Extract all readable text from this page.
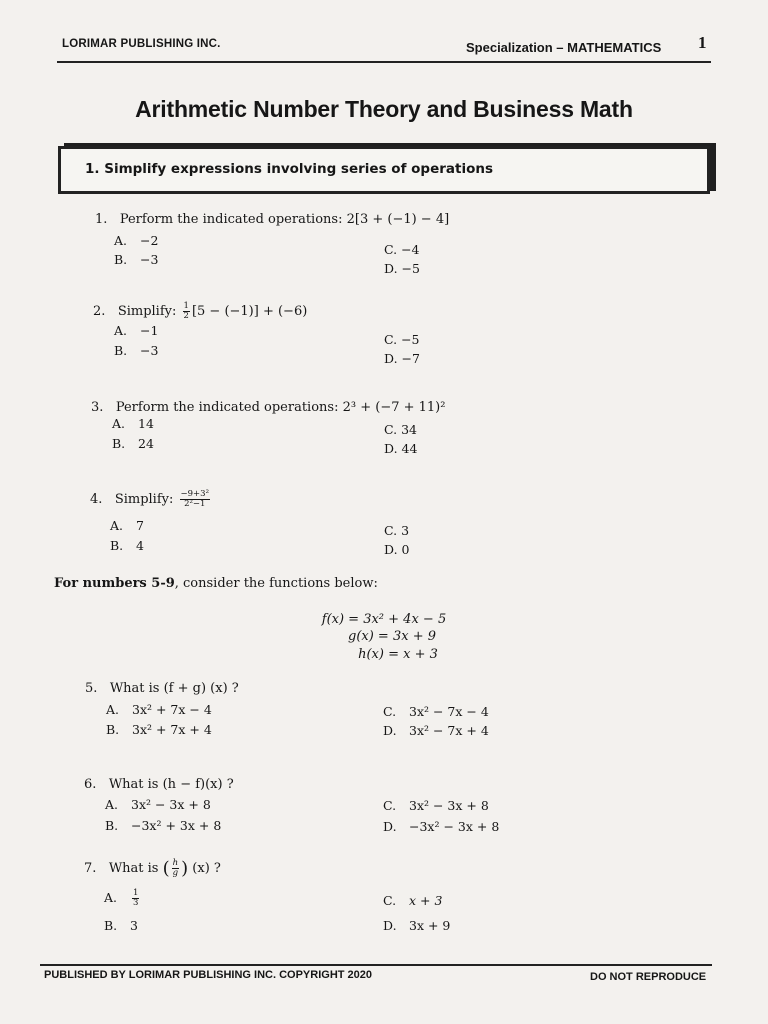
LORIMAR PUBLISHING INC.	Specialization – MATHEMATICS 1
Arithmetic Number Theory and Business Math
1. Simplify expressions involving series of operations
1. Perform the indicated operations: 2[3 + (−1) − 4]
A. −2
B. −3
C. −4
D. −5
2. Simplify: $\frac{1}{2} [5 - (-1)] + (-6)$
A. −1
B. −3
C. −5
D. −7
3. Perform the indicated operations: 2³ + (−7 + 11)²
A. 14
B. 24
C. 34
D. 44
4. Simplify: $\frac{\text{−9+3²}}{\text{2²−1}}$
A. 7
B. 4
C. 3
D. 0
For numbers 5-9, consider the functions below:
f(x) = 3x² + 4x − 5
g(x) = 3x + 9
h(x) = x + 3
5. What is (f + g) (x) ?
A. 3x² + 7x − 4
B. 3x² + 7x + 4
C. 3x² − 7x − 4
D. 3x² − 7x + 4
6. What is (h − f)(x) ?
A. 3x² − 3x + 8
B. −3x² + 3x + 8
C. 3x² − 3x + 8
D. −3x² − 3x + 8
7. What is ( $\frac{h}{g}$ ) (x) ?
A. $\frac{1}{3}$
B. 3
C. x + 3
D. 3x + 9
PUBLISHED BY LORIMAR PUBLISHING INC. COPYRIGHT 2020	DO NOT REPRODUCE
